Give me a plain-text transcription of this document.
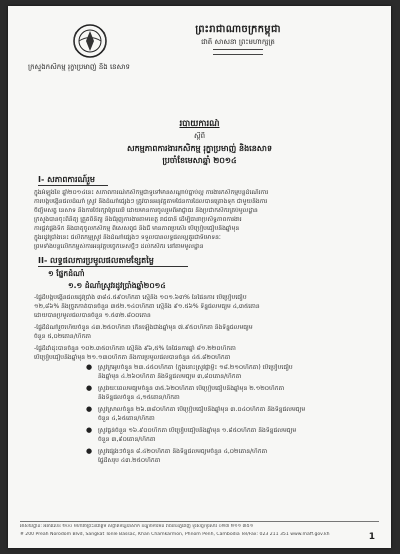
ព្រះរាជាណាចក្រកម្ពុជា
ជាតិ សាសនា ព្រះមហាក្សត្រ
ក្រសួងកសិកម្ម រុក្ខាប្រមាញ់ និង នេសាទ
របាយការណ៍
ស្តីពី
សកម្មភាពការងារកសិកម្ម រុក្ខាប្រមាញ់ និងនេសាទ
ប្រចាំខែមេសាឆ្នាំ ២០១៤
I- សភាពការណ៍រួម
ក្នុងអំឡុងខែ ឆ្នាំ២០១៤នេះ សភាពការណ៍កសិកម្មជាទូទៅមានសណ្តាប់ធ្នាប់ល្អ ការងារកសិកម្មបន្តដំណើរការ
ការបង្កបង្កើនផលដំណាំ ស្រូវ និងដំណាំផ្សេងៗ ត្រូវបានអនុវត្តតាមផែនការដែលបានគ្រោងទុក ជាមួយនឹងការ
ចិញ្ចឹមសត្វ នេសាទ និងការថែរក្សាព្រៃឈើ ដោយមានការចូលរួមពីអាជ្ញាធរ និងប្រជាកសិករគ្រប់មូលដ្ឋាន
ក្រសួងបានចុះពិនិត្យ ត្រួតពិនិត្យ និងជំរុញការងារតាមខេត្ត រាជធានី ដើម្បីធានាប្រសិទ្ធភាពការងារ
ការផ្គត់ផ្គង់ទឹក និងធាតុចូលកសិកម្ម ពិសេសពូជ និងជី មានភាពប្រសើរ បើប្រៀបធៀបនឹងឆ្នាំមុន
ក្នុងរដូវប្រាំងនេះ ផលិតកម្មស្រូវ និងដំណាំផ្សេងៗ ទទួលបានលទ្ធផលល្អគួរជាទីមោទនៈ
ព្រមទាំងបន្តលើកកម្ពស់ការអនុវត្តបច្ចេកទេសថ្មីៗ ដល់កសិករ នៅតាមមូលដ្ឋាន
II- លទ្ធផលការប្រមូលផលតាមខ្សែតម្លៃ
១ ផ្នែកដំណាំ
១.១ ដំណាំស្រូវរដូវប្រាំងឆ្នាំ២០១៤
-ផ្ទៃដីបង្កបង្កើនផលរដូវប្រាំង ៣៨៤.៥៩០ហិកតា ស្មើនឹង ១០១.៦៣% នៃផែនការ បើប្រៀបធៀប
១២,៨៦% និងច្រូតកាត់បានចំនួន ៣៥២.១៤០ហិកតា ស្មើនឹង ៩១.៥៦% ទិន្នផលមធ្យម ៤,៣៥តោន
ដោយបានប្រមូលផលបានចំនួន ១.៥៣២.៨០០តោន
-ផ្ទៃដីដំណាំរួចហើយចំនួន ៤៣.២៥០ហិកតា កើនឡើងជាងឆ្នាំមុន ៧.៩៥០ហិកតា និងទិន្នផលមធ្យម
ចំនួន ៥,០២តោន/ហិកតា
-ផ្ទៃដីដាំដុះបានចំនួន ១០២.៣៥០ហិកតា ស្មើនឹង ៩៦,៥% នៃផែនការឆ្នាំ ៨១.២២០ហិកតា
បើប្រៀបធៀបនឹងឆ្នាំមុន ២១.១៣០ហិកតា និងការប្រមូលផលបានចំនួន ៤៥.៨២០ហិកតា
● ស្រូវក្រអូបចំនួន ២៣.៤៥០ហិកតា (ក្នុងនោះស្រូវផ្កាម្លិះ ១៨.២១០ហិកតា) បើប្រៀបធៀប
នឹងឆ្នាំមុន ៤.២៦០ហិកតា និងទិន្នផលមធ្យម ៣,៨០តោន/ហិកតា
● ស្រូវរយៈពេលមធ្យមចំនួន ៣៥.៦២០ហិកតា បើប្រៀបធៀបនឹងឆ្នាំមុន ២.១២០ហិកតា
និងទិន្នផលចំនួន ៤,១៥តោន/ហិកតា
● ស្រូវស្រាលចំនួន ២៦.៣៨០ហិកតា បើប្រៀបធៀបនឹងឆ្នាំមុន ៣.០៤០ហិកតា និងទិន្នផលមធ្យម
ចំនួន ៤,៦៥តោន/ហិកតា
● ស្រូវធ្ងន់ចំនួន ១៦.៩០០ហិកតា បើប្រៀបធៀបនឹងឆ្នាំមុន ១.៨៥០ហិកតា និងទិន្នផលមធ្យម
ចំនួន ៣,៩០តោន/ហិកតា
● ស្រូវផ្សេងៗចំនួន ៨.៤២០ហិកតា និងទិន្នផលមធ្យមចំនួន ៤,០២តោន/ហិកតា
ផ្ទៃដីសរុប ៤៣.២៥០ហិកតា
អាសយដ្ឋាន: អគារលេខ ២០០ មហាវិថីព្រះនរោត្តម សង្កាត់ទន្លេបាសាក់ ខណ្ឌចំការមន រាជធានីភ្នំពេញ ទូរស័ព្ទ/ទូរសារ ០២៣ ២១១ ៣៥១
# 200 Preah Norodom Blvd, Sangkat Tonle Bassac, Khan Chamkarmon, Phnom Penh, Cambodia Tel/Fax: 023 211 351 www.maff.gov.kh	1
